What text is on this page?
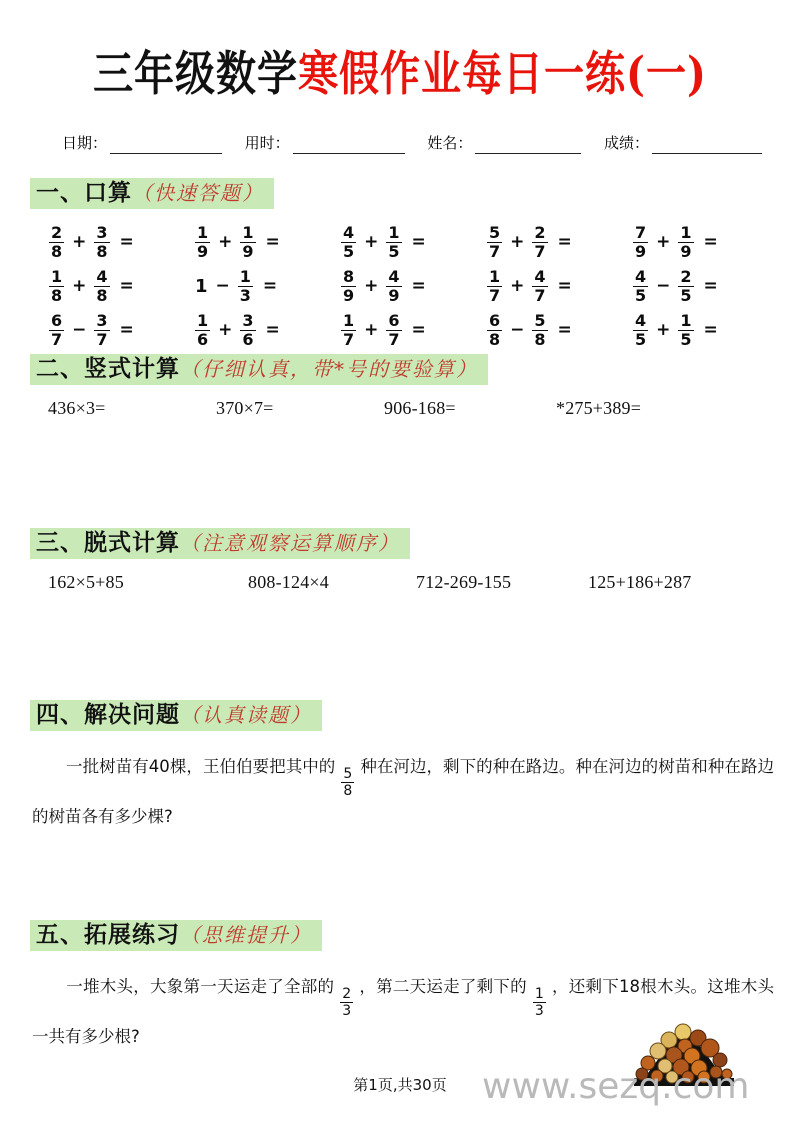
三年级数学寒假作业每日一练(一)
日期：	用时：	姓名：	成绩：
一、口算（快速答题）
$\frac{2}{8} + \frac{3}{8}$ =	$\frac{1}{9} + \frac{1}{9}$ =	$\frac{4}{5} + \frac{1}{5}$ =	$\frac{5}{7} + \frac{2}{7}$ =	$\frac{7}{9} + \frac{1}{9}$ =
$\frac{1}{8} + \frac{4}{8}$ =	$1 - \frac{1}{3}$ =	$\frac{8}{9} + \frac{4}{9}$ =	$\frac{1}{7} + \frac{4}{7}$ =	$\frac{4}{5} - \frac{2}{5}$ =
$\frac{6}{7} - \frac{3}{7}$ =	$\frac{1}{6} + \frac{3}{6}$ =	$\frac{1}{7} + \frac{6}{7}$ =	$\frac{6}{8} - \frac{5}{8}$ =	$\frac{4}{5} + \frac{1}{5}$ =
二、竖式计算（仔细认真，带*号的要验算）
436×3=	370×7=	906-168=	*275+389=
三、脱式计算（注意观察运算顺序）
162×5+85	808-124×4	712-269-155	125+186+287
四、解决问题（认真读题）
一批树苗有40棵，王伯伯要把其中的
$\frac{5}{8}$
种在河边，剩下的种在路边。种在河边的树苗和种在路边的树苗各有多少棵?
五、拓展练习（思维提升）
一堆木头，大象第一天运走了全部的
$\frac{2}{3}$
，第二天运走了剩下的
$\frac{1}{3}$
，还剩下18根木头。这堆木头一共有多少根?
www.sezq.com
第1页,共30页
